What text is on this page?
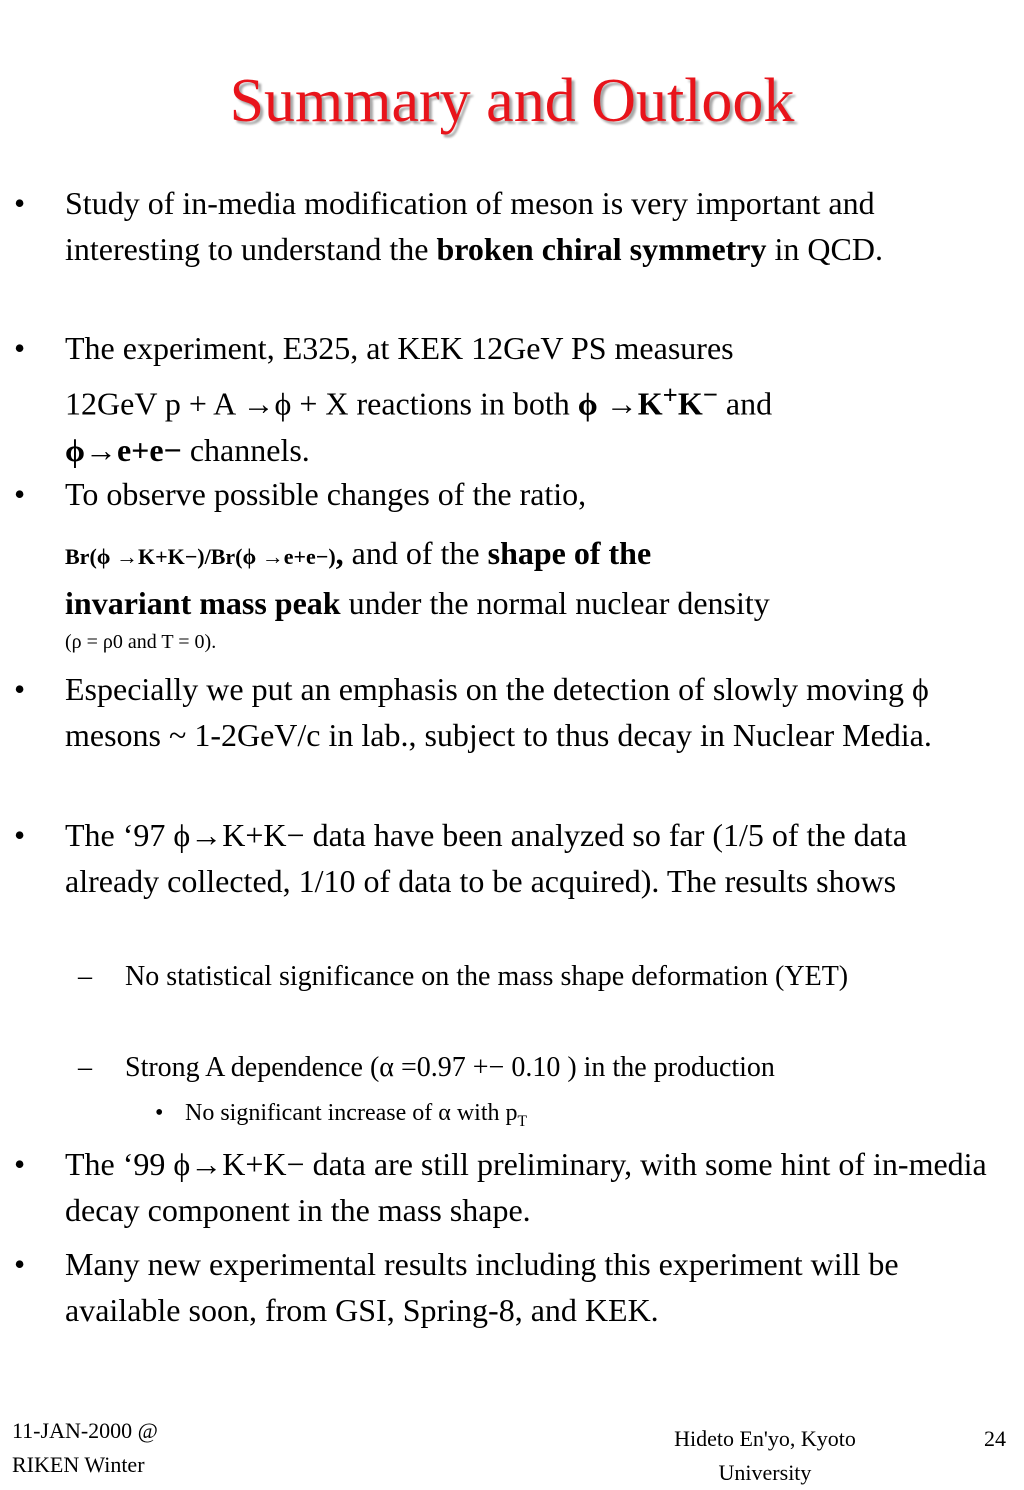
Summary and Outlook
• Study of in-media modification of meson is very important and interesting to understand the broken chiral symmetry in QCD.
• The experiment, E325, at KEK 12GeV PS measures
12GeV p + A →ϕ + X reactions in both ϕ →K+K− and
ϕ→e+e− channels.
• To observe possible changes of the ratio,
Br(ϕ →K+K−)/Br(ϕ →e+e−), and of the shape of the
invariant mass peak under the normal nuclear density
(ρ = ρ0 and T = 0).
• Especially we put an emphasis on the detection of slowly moving ϕ mesons ~ 1-2GeV/c in lab., subject to thus decay in Nuclear Media.
• The ‘97 ϕ→K+K− data have been analyzed so far (1/5 of the data already collected, 1/10 of data to be acquired). The results shows
– No statistical significance on the mass shape deformation (YET)
– Strong A dependence (α =0.97 +− 0.10 ) in the production
• No significant increase of α with $p_T$
• The ‘99 ϕ→K+K− data are still preliminary, with some hint of in-media decay component in the mass shape.
• Many new experimental results including this experiment will be available soon, from GSI, Spring-8, and KEK.
11-JAN-2000 @
RIKEN Winter
Hideto En'yo, Kyoto University
24
